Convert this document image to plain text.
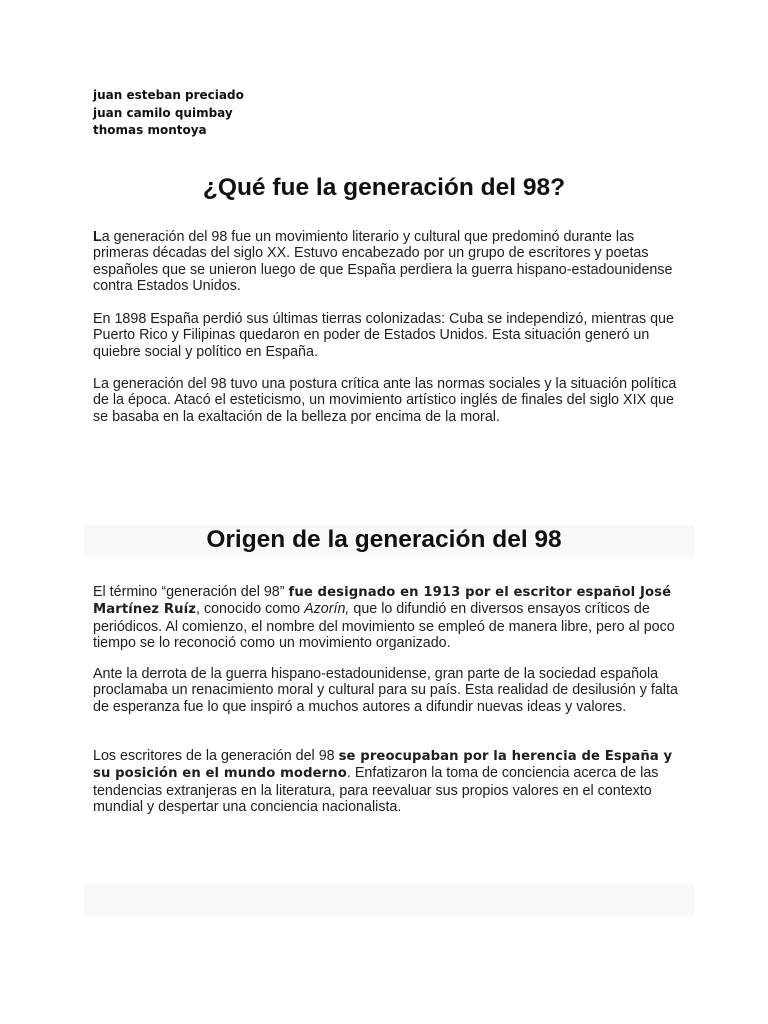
juan esteban preciado
juan camilo quimbay
thomas montoya
¿Qué fue la generación del 98?

La generación del 98 fue un movimiento literario y cultural que predominó durante las primeras décadas del siglo XX. Estuvo encabezado por un grupo de escritores y poetas españoles que se unieron luego de que España perdiera la guerra hispano-estadounidense contra Estados Unidos.

En 1898 España perdió sus últimas tierras colonizadas: Cuba se independizó, mientras que Puerto Rico y Filipinas quedaron en poder de Estados Unidos. Esta situación generó un quiebre social y político en España.

La generación del 98 tuvo una postura crítica ante las normas sociales y la situación política de la época. Atacó el esteticismo, un movimiento artístico inglés de finales del siglo XIX que se basaba en la exaltación de la belleza por encima de la moral.

Origen de la generación del 98

El término “generación del 98” fue designado en 1913 por el escritor español José Martínez Ruíz, conocido como Azorín, que lo difundió en diversos ensayos críticos de periódicos. Al comienzo, el nombre del movimiento se empleó de manera libre, pero al poco tiempo se lo reconoció como un movimiento organizado.

Ante la derrota de la guerra hispano-estadounidense, gran parte de la sociedad española proclamaba un renacimiento moral y cultural para su país. Esta realidad de desilusión y falta de esperanza fue lo que inspiró a muchos autores a difundir nuevas ideas y valores.

Los escritores de la generación del 98 se preocupaban por la herencia de España y su posición en el mundo moderno. Enfatizaron la toma de conciencia acerca de las tendencias extranjeras en la literatura, para reevaluar sus propios valores en el contexto mundial y despertar una conciencia nacionalista.
